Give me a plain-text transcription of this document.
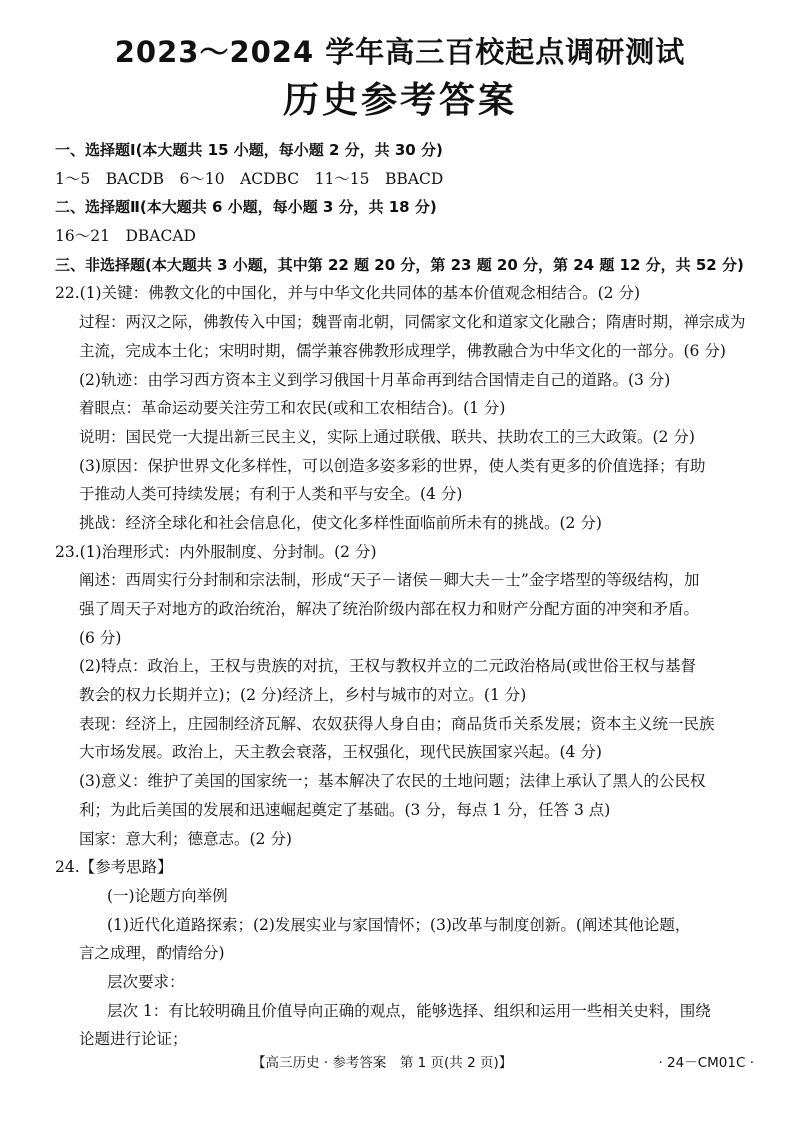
2023～2024 学年高三百校起点调研测试
历史参考答案
一、选择题Ⅰ(本大题共 15 小题，每小题 2 分，共 30 分)
1～5　BACDB　6～10　ACDBC　11～15　BBACD
二、选择题Ⅱ(本大题共 6 小题，每小题 3 分，共 18 分)
16～21　DBACAD
三、非选择题(本大题共 3 小题，其中第 22 题 20 分，第 23 题 20 分，第 24 题 12 分，共 52 分)
22.(1)关键：佛教文化的中国化，并与中华文化共同体的基本价值观念相结合。(2 分)
过程：两汉之际，佛教传入中国；魏晋南北朝，同儒家文化和道家文化融合；隋唐时期，禅宗成为
主流，完成本土化；宋明时期，儒学兼容佛教形成理学，佛教融合为中华文化的一部分。(6 分)
(2)轨迹：由学习西方资本主义到学习俄国十月革命再到结合国情走自己的道路。(3 分)
着眼点：革命运动要关注劳工和农民(或和工农相结合)。(1 分)
说明：国民党一大提出新三民主义，实际上通过联俄、联共、扶助农工的三大政策。(2 分)
(3)原因：保护世界文化多样性，可以创造多姿多彩的世界，使人类有更多的价值选择；有助
于推动人类可持续发展；有利于人类和平与安全。(4 分)
挑战：经济全球化和社会信息化，使文化多样性面临前所未有的挑战。(2 分)
23.(1)治理形式：内外服制度、分封制。(2 分)
阐述：西周实行分封制和宗法制，形成“天子－诸侯－卿大夫－士”金字塔型的等级结构，加
强了周天子对地方的政治统治，解决了统治阶级内部在权力和财产分配方面的冲突和矛盾。
(6 分)
(2)特点：政治上，王权与贵族的对抗，王权与教权并立的二元政治格局(或世俗王权与基督
教会的权力长期并立)；(2 分)经济上，乡村与城市的对立。(1 分)
表现：经济上，庄园制经济瓦解、农奴获得人身自由；商品货币关系发展；资本主义统一民族
大市场发展。政治上，天主教会衰落，王权强化，现代民族国家兴起。(4 分)
(3)意义：维护了美国的国家统一；基本解决了农民的土地问题；法律上承认了黑人的公民权
利；为此后美国的发展和迅速崛起奠定了基础。(3 分，每点 1 分，任答 3 点)
国家：意大利；德意志。(2 分)
24.【参考思路】
(一)论题方向举例
(1)近代化道路探索；(2)发展实业与家国情怀；(3)改革与制度创新。(阐述其他论题，
言之成理，酌情给分)
层次要求：
层次 1：有比较明确且价值导向正确的观点，能够选择、组织和运用一些相关史料，围绕
论题进行论证；
【高三历史 · 参考答案　第 1 页(共 2 页)】	· 24－CM01C ·
